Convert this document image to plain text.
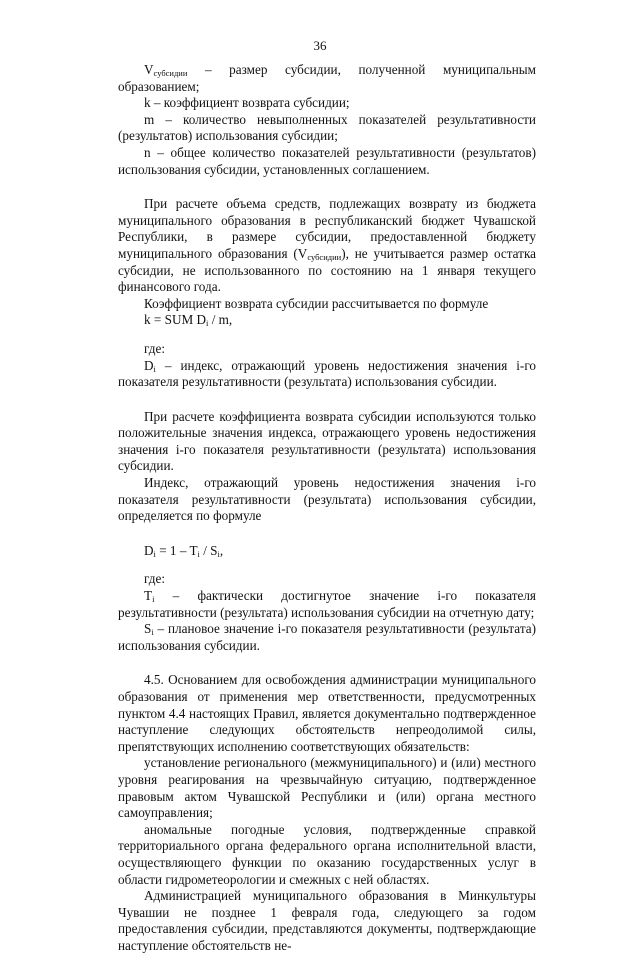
36

$V_{субсидии}$ – размер субсидии, полученной муниципальным образованием;

k – коэффициент возврата субсидии;

m – количество невыполненных показателей результативности (результатов) использования субсидии;

n – общее количество показателей результативности (результатов) использования субсидии, установленных соглашением.

При расчете объема средств, подлежащих возврату из бюджета муниципального образования в республиканский бюджет Чувашской Республики, в размере субсидии, предоставленной бюджету муниципального образования $(V_{субсидии})$, не учитывается размер остатка субсидии, не использованного по состоянию на 1 января текущего финансового года.

Коэффициент возврата субсидии рассчитывается по формуле

k = SUM $D_i$ / m,

где:

$D_i$ – индекс, отражающий уровень недостижения значения i-го показателя результативности (результата) использования субсидии.

При расчете коэффициента возврата субсидии используются только положительные значения индекса, отражающего уровень недостижения значения i-го показателя результативности (результата) использования субсидии.

Индекс, отражающий уровень недостижения значения i-го показателя результативности (результата) использования субсидии, определяется по формуле

$D_i = 1 - T_i / S_i$,

где:

$T_i$ – фактически достигнутое значение i-го показателя результативности (результата) использования субсидии на отчетную дату;

$S_i$ – плановое значение i-го показателя результативности (результата) использования субсидии.

4.5. Основанием для освобождения администрации муниципального образования от применения мер ответственности, предусмотренных пунктом 4.4 настоящих Правил, является документально подтвержденное наступление следующих обстоятельств непреодолимой силы, препятствующих исполнению соответствующих обязательств:

установление регионального (межмуниципального) и (или) местного уровня реагирования на чрезвычайную ситуацию, подтвержденное правовым актом Чувашской Республики и (или) органа местного самоуправления;

аномальные погодные условия, подтвержденные справкой территориального органа федерального органа исполнительной власти, осуществляющего функции по оказанию государственных услуг в области гидрометеорологии и смежных с ней областях.

Администрацией муниципального образования в Минкультуры Чувашии не позднее 1 февраля года, следующего за годом предоставления субсидии, представляются документы, подтверждающие наступление обстоятельств не-
